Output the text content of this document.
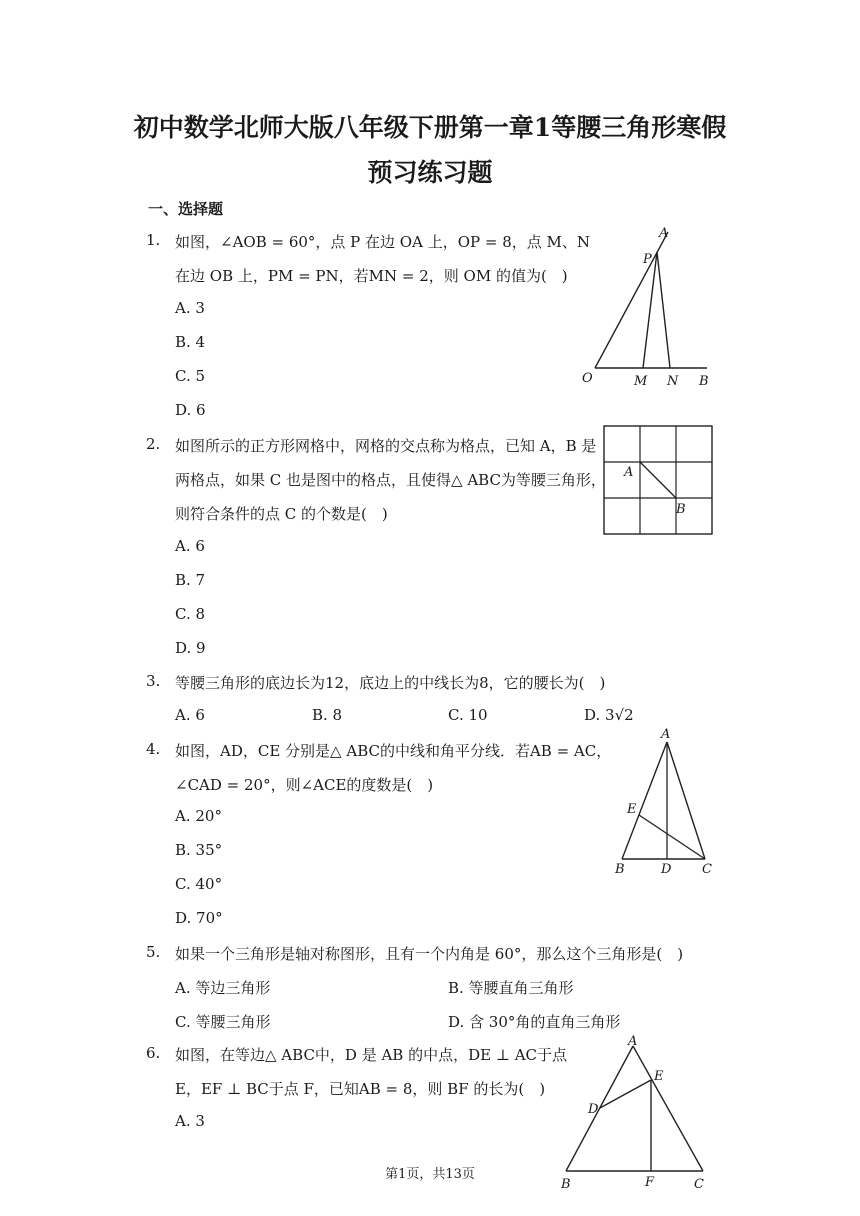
初中数学北师大版八年级下册第一章1等腰三角形寒假
预习练习题
一、选择题
1. 如图，∠AOB = 60°，点 P 在边 OA 上，OP = 8，点 M、N
在边 OB 上，PM = PN，若MN = 2，则 OM 的值为(　)
A. 3
B. 4
C. 5
D. 6
A
P
O	M N B
2. 如图所示的正方形网格中，网格的交点称为格点，已知 A，B 是
两格点，如果 C 也是图中的格点，且使得△ ABC为等腰三角形，
则符合条件的点 C 的个数是(　)
A. 6
B. 7
C. 8
D. 9
A
B
3. 等腰三角形的底边长为12，底边上的中线长为8，它的腰长为(　)
A. 6	B. 8	C. 10	D. 3√2
4. 如图，AD，CE 分别是△ ABC的中线和角平分线．若AB = AC，
∠CAD = 20°，则∠ACE的度数是(　)
A. 20°
B. 35°
C. 40°
D. 70°
A
E
B	D C
5. 如果一个三角形是轴对称图形，且有一个内角是 60°，那么这个三角形是(　)
A. 等边三角形	B. 等腰直角三角形
C. 等腰三角形	D. 含 30°角的直角三角形
6. 如图，在等边△ ABC中，D 是 AB 的中点，DE ⊥ AC于点
E，EF ⊥ BC于点 F，已知AB = 8，则 BF 的长为(　)
A. 3
A
E
D
B	F	C
第1页，共13页
